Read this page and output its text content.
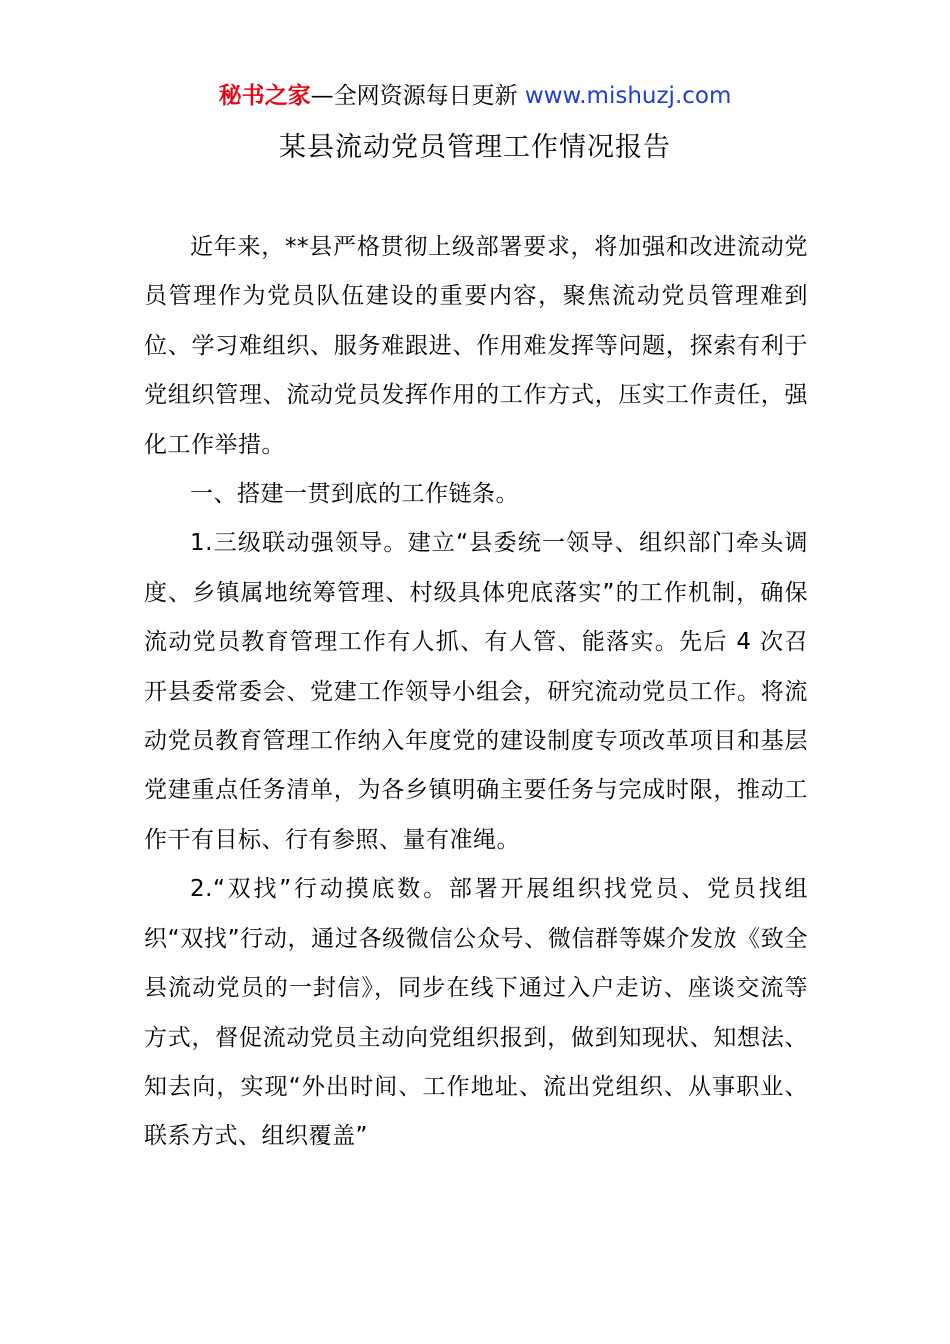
秘书之家—全网资源每日更新 www.mishuzj.com
某县流动党员管理工作情况报告

近年来，**县严格贯彻上级部署要求，将加强和改进流动党员管理作为党员队伍建设的重要内容，聚焦流动党员管理难到位、学习难组织、服务难跟进、作用难发挥等问题，探索有利于党组织管理、流动党员发挥作用的工作方式，压实工作责任，强化工作举措。

一、搭建一贯到底的工作链条。

1.三级联动强领导。建立“县委统一领导、组织部门牵头调度、乡镇属地统筹管理、村级具体兜底落实”的工作机制，确保流动党员教育管理工作有人抓、有人管、能落实。先后 4 次召开县委常委会、党建工作领导小组会，研究流动党员工作。将流动党员教育管理工作纳入年度党的建设制度专项改革项目和基层党建重点任务清单，为各乡镇明确主要任务与完成时限，推动工作干有目标、行有参照、量有准绳。

2.“双找”行动摸底数。部署开展组织找党员、党员找组织“双找”行动，通过各级微信公众号、微信群等媒介发放《致全县流动党员的一封信》，同步在线下通过入户走访、座谈交流等方式，督促流动党员主动向党组织报到，做到知现状、知想法、知去向，实现“外出时间、工作地址、流出党组织、从事职业、联系方式、组织覆盖”
